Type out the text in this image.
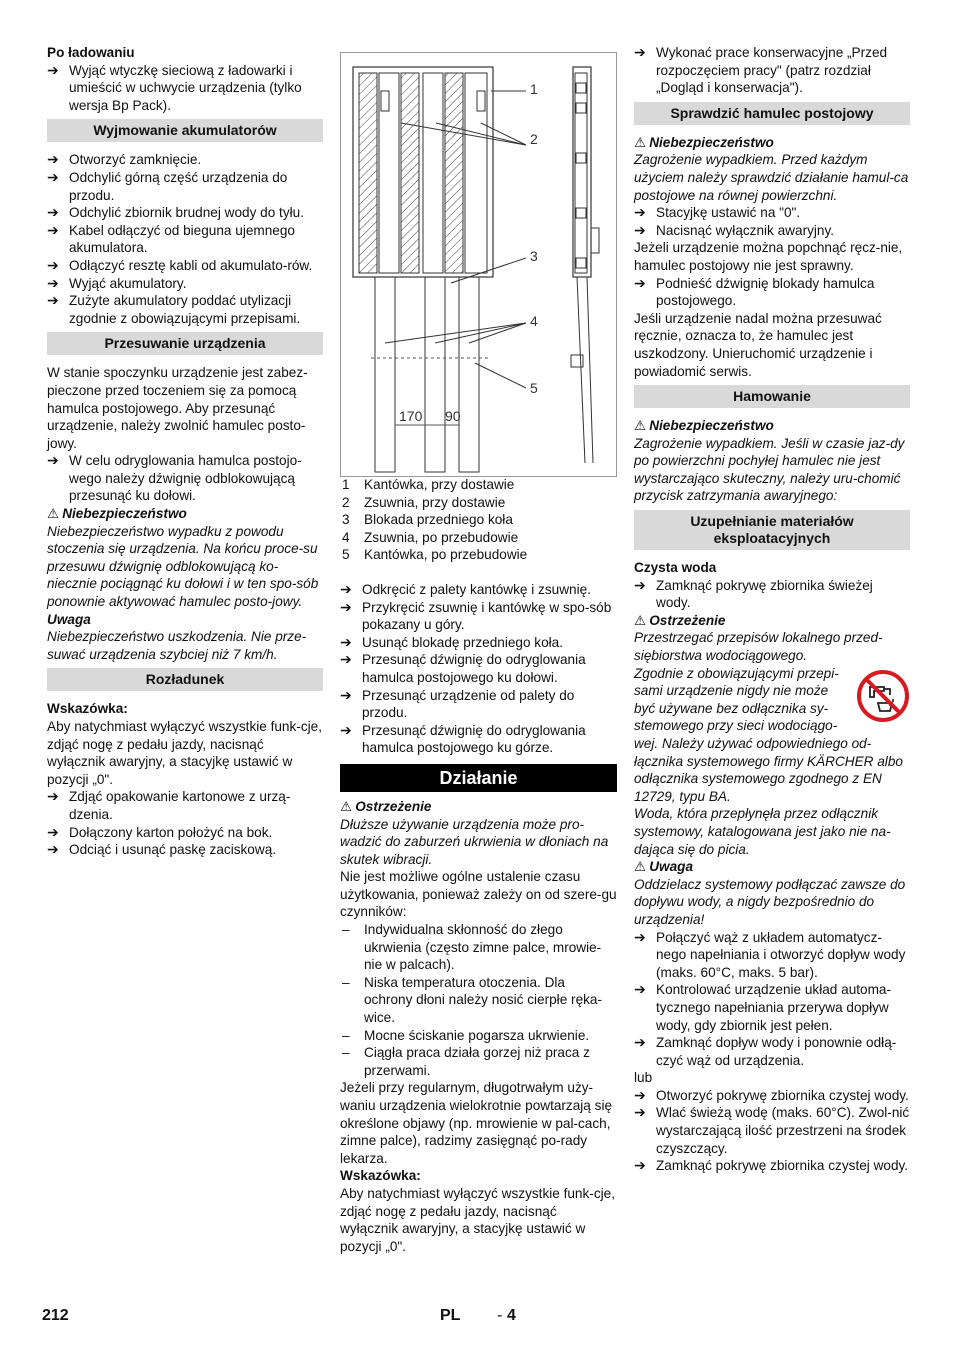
Po ładowaniu

➔ Wyjąć wtyczkę sieciową z ładowarki i umieścić w uchwycie urządzenia (tylko wersja Bp Pack).
Wyjmowanie akumulatorów
➔ Otworzyć zamknięcie.
➔ Odchylić górną część urządzenia do przodu.
➔ Odchylić zbiornik brudnej wody do tyłu.
➔ Kabel odłączyć od bieguna ujemnego akumulatora.
➔ Odłączyć resztę kabli od akumulato-rów.
➔ Wyjąć akumulatory.
➔ Zużyte akumulatory poddać utylizacji zgodnie z obowiązującymi przepisami.
Przesuwanie urządzenia

W stanie spoczynku urządzenie jest zabez-pieczone przed toczeniem się za pomocą hamulca postojowego. Aby przesunąć urządzenie, należy zwolnić hamulec posto-jowy.

➔ W celu odryglowania hamulca postojo-wego należy dźwignię odblokowującą przesunąć ku dołowi.

⚠ Niebezpieczeństwo

Niebezpieczeństwo wypadku z powodu stoczenia się urządzenia. Na końcu proce-su przesuwu dźwignię odblokowującą ko-niecznie pociągnąć ku dołowi i w ten spo-sób ponownie aktywować hamulec posto-jowy.

Uwaga

Niebezpieczeństwo uszkodzenia. Nie prze-suwać urządzenia szybciej niż 7 km/h.

Rozładunek

Wskazówka:

Aby natychmiast wyłączyć wszystkie funk-cje, zdjąć nogę z pedału jazdy, nacisnąć wyłącznik awaryjny, a stacyjkę ustawić w pozycji „0".

➔ Zdjąć opakowanie kartonowe z urzą-dzenia.
➔ Dołączony karton położyć na bok.
➔ Odciąć i usunąć paskę zaciskową.
1
2
3
4
5
170 90
1	Kantówka, przy dostawie
2	Zsuwnia, przy dostawie
3	Blokada przedniego koła
4	Zsuwnia, po przebudowie
5	Kantówka, po przebudowie
➔ Odkręcić z palety kantówkę i zsuwnię.
➔ Przykręcić zsuwnię i kantówkę w spo-sób pokazany u góry.
➔ Usunąć blokadę przedniego koła.
➔ Przesunąć dźwignię do odryglowania hamulca postojowego ku dołowi.
➔ Przesunąć urządzenie od palety do przodu.
➔ Przesunąć dźwignię do odryglowania hamulca postojowego ku górze.
Działanie

⚠ Ostrzeżenie

Dłuższe używanie urządzenia może pro-wadzić do zaburzeń ukrwienia w dłoniach na skutek wibracji.

Nie jest możliwe ogólne ustalenie czasu użytkowania, ponieważ zależy on od szere-gu czynników:

–	Indywidualna skłonność do złego ukrwienia (często zimne palce, mrowie-nie w palcach).
–	Niska temperatura otoczenia. Dla ochrony dłoni należy nosić cierpłe ręka-wice.
–	Mocne ściskanie pogarsza ukrwienie.
–	Ciągła praca działa gorzej niż praca z przerwami.

Jeżeli przy regularnym, długotrwałym uży-waniu urządzenia wielokrotnie powtarzają się określone objawy (np. mrowienie w pal-cach, zimne palce), radzimy zasięgnąć po-rady lekarza.

Wskazówka:

Aby natychmiast wyłączyć wszystkie funk-cje, zdjąć nogę z pedału jazdy, nacisnąć wyłącznik awaryjny, a stacyjkę ustawić w pozycji „0".

➔ Wykonać prace konserwacyjne „Przed rozpoczęciem pracy" (patrz rozdział „Dogląd i konserwacja").
Sprawdzić hamulec postojowy

⚠ Niebezpieczeństwo

Zagrożenie wypadkiem. Przed każdym użyciem należy sprawdzić działanie hamul-ca postojowe na równej powierzchni.

➔ Stacyjkę ustawić na "0".
➔ Nacisnąć wyłącznik awaryjny.

Jeżeli urządzenie można popchnąć ręcz-nie, hamulec postojowy nie jest sprawny.

➔ Podnieść dźwignię blokady hamulca postojowego.

Jeśli urządzenie nadal można przesuwać ręcznie, oznacza to, że hamulec jest uszkodzony. Unieruchomić urządzenie i powiadomić serwis.

Hamowanie

⚠ Niebezpieczeństwo

Zagrożenie wypadkiem. Jeśli w czasie jaz-dy po powierzchni pochyłej hamulec nie jest wystarczająco skuteczny, należy uru-chomić przycisk zatrzymania awaryjnego:

Uzupełnianie materiałów eksploatacyjnych

Czysta woda

➔ Zamknąć pokrywę zbiornika świeżej wody.

⚠ Ostrzeżenie

Przestrzegać przepisów lokalnego przed-siębiorstwa wodociągowego.

Zgodnie z obowiązującymi przepi-sami urządzenie nigdy nie może być używane bez odłącznika sy-stemowego przy sieci wodociągo-wej. Należy używać odpowiedniego od-łącznika systemowego firmy KÄRCHER albo odłącznika systemowego zgodnego z EN 12729, typu BA.

Woda, która przepłynęła przez odłącznik systemowy, katalogowana jest jako nie na-dająca się do picia.

⚠ Uwaga

Oddzielacz systemowy podłączać zawsze do dopływu wody, a nigdy bezpośrednio do urządzenia!

➔ Połączyć wąż z układem automatycz-nego napełniania i otworzyć dopływ wody (maks. 60°C, maks. 5 bar).
➔ Kontrolować urządzenie układ automa-tycznego napełniania przerywa dopływ wody, gdy zbiornik jest pełen.
➔ Zamknąć dopływ wody i ponownie odłą-czyć wąż od urządzenia.

lub

➔ Otworzyć pokrywę zbiornika czystej wody.
➔ Wlać świeżą wodę (maks. 60°C). Zwol-nić wystarczającą ilość przestrzeni na środek czyszczący.
➔ Zamknąć pokrywę zbiornika czystej wody.
212	PL - 4
